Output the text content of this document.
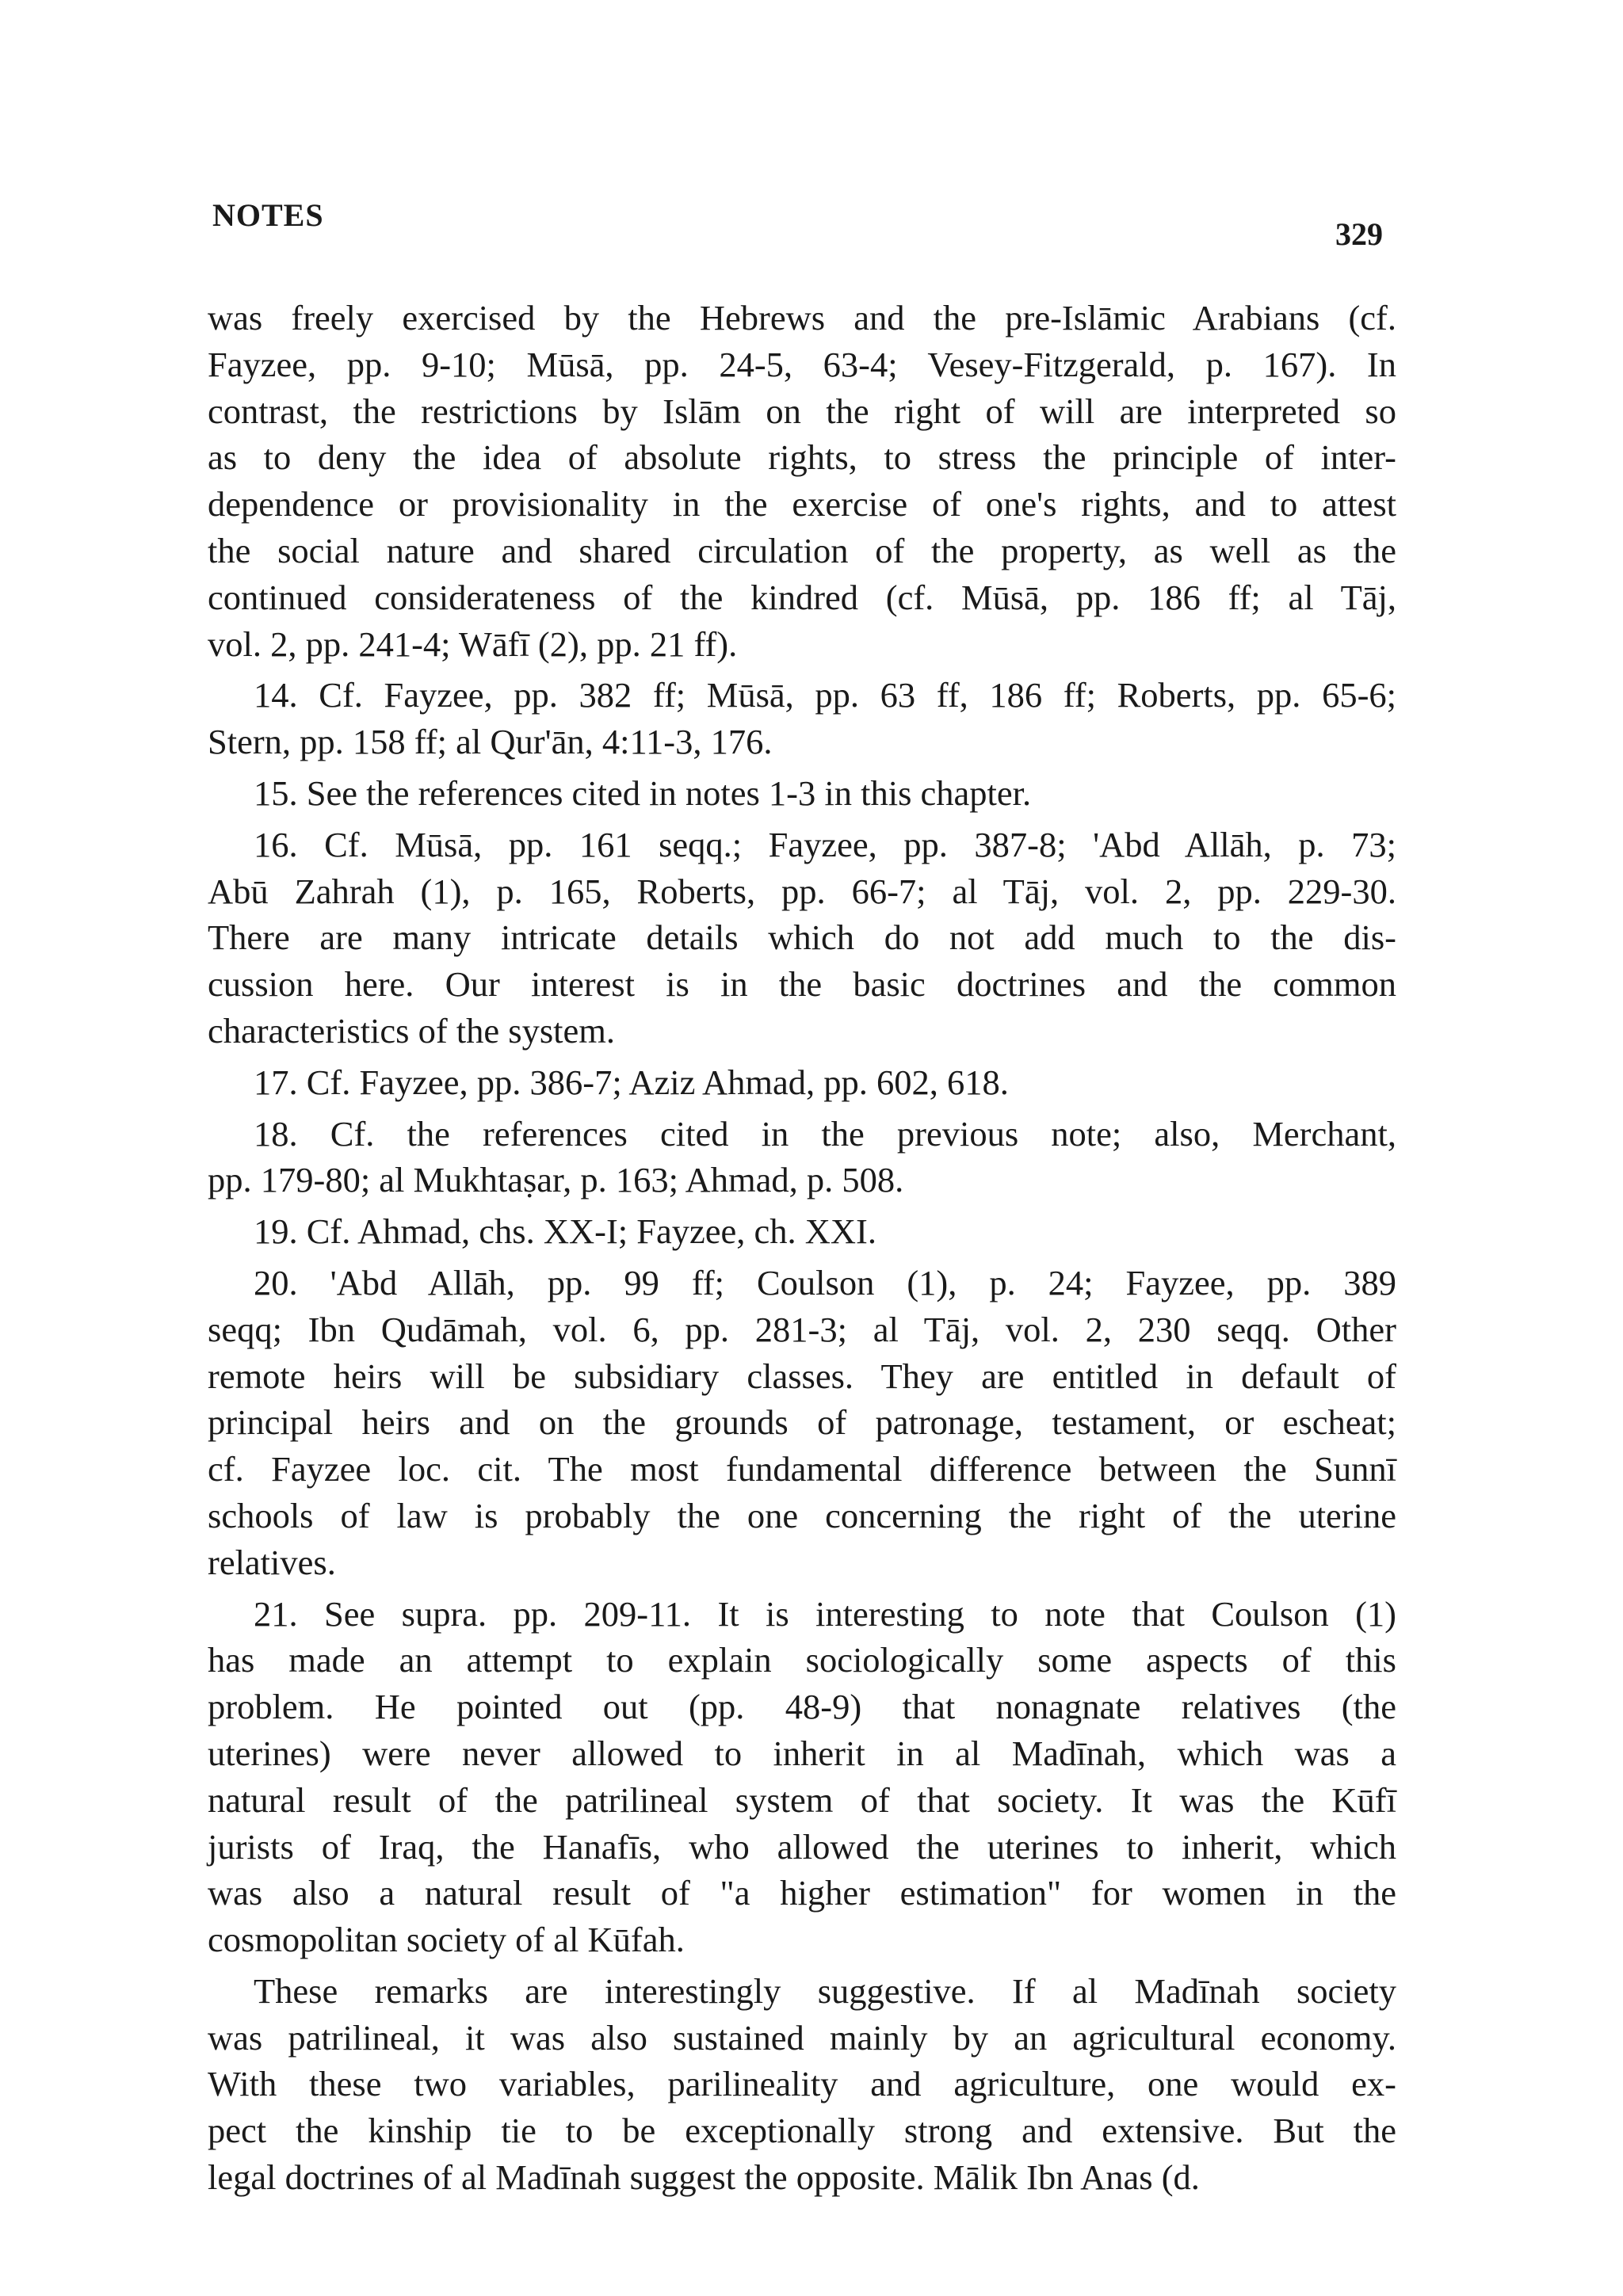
NOTES
329
was freely exercised by the Hebrews and the pre-Islāmic Arabians (cf.
Fayzee, pp. 9-10; Mūsā, pp. 24-5, 63-4; Vesey-Fitzgerald, p. 167). In
contrast, the restrictions by Islām on the right of will are interpreted so
as to deny the idea of absolute rights, to stress the principle of inter-
dependence or provisionality in the exercise of one's rights, and to attest
the social nature and shared circulation of the property, as well as the
continued considerateness of the kindred (cf. Mūsā, pp. 186 ff; al Tāj,
vol. 2, pp. 241-4; Wāfī (2), pp. 21 ff).
14. Cf. Fayzee, pp. 382 ff; Mūsā, pp. 63 ff, 186 ff; Roberts, pp. 65-6;
Stern, pp. 158 ff; al Qur'ān, 4:11-3, 176.
15. See the references cited in notes 1-3 in this chapter.
16. Cf. Mūsā, pp. 161 seqq.; Fayzee, pp. 387-8; 'Abd Allāh, p. 73;
Abū Zahrah (1), p. 165, Roberts, pp. 66-7; al Tāj, vol. 2, pp. 229-30.
There are many intricate details which do not add much to the dis-
cussion here. Our interest is in the basic doctrines and the common
characteristics of the system.
17. Cf. Fayzee, pp. 386-7; Aziz Ahmad, pp. 602, 618.
18. Cf. the references cited in the previous note; also, Merchant,
pp. 179-80; al Mukhtaṣar, p. 163; Ahmad, p. 508.
19. Cf. Ahmad, chs. XX-I; Fayzee, ch. XXI.
20. 'Abd Allāh, pp. 99 ff; Coulson (1), p. 24; Fayzee, pp. 389
seqq; Ibn Qudāmah, vol. 6, pp. 281-3; al Tāj, vol. 2, 230 seqq. Other
remote heirs will be subsidiary classes. They are entitled in default of
principal heirs and on the grounds of patronage, testament, or escheat;
cf. Fayzee loc. cit. The most fundamental difference between the Sunnī
schools of law is probably the one concerning the right of the uterine
relatives.
21. See supra. pp. 209-11. It is interesting to note that Coulson (1)
has made an attempt to explain sociologically some aspects of this
problem. He pointed out (pp. 48-9) that nonagnate relatives (the
uterines) were never allowed to inherit in al Madīnah, which was a
natural result of the patrilineal system of that society. It was the Kūfī
jurists of Iraq, the Hanafīs, who allowed the uterines to inherit, which
was also a natural result of "a higher estimation" for women in the
cosmopolitan society of al Kūfah.
These remarks are interestingly suggestive. If al Madīnah society
was patrilineal, it was also sustained mainly by an agricultural economy.
With these two variables, parilineality and agriculture, one would ex-
pect the kinship tie to be exceptionally strong and extensive. But the
legal doctrines of al Madīnah suggest the opposite. Mālik Ibn Anas (d.
